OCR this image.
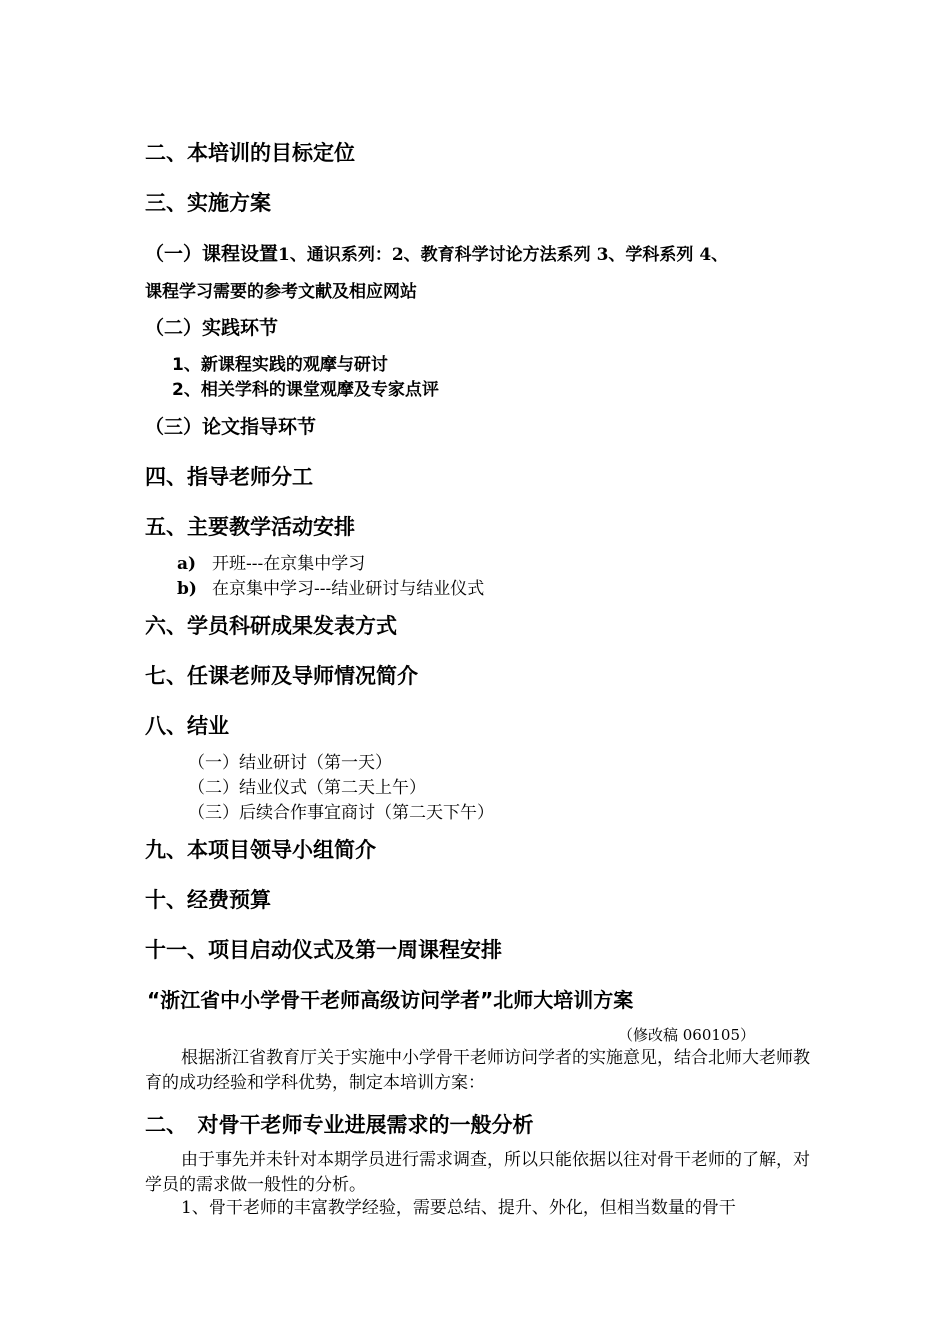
二、本培训的目标定位
三、实施方案
（一）课程设置1、通识系列：2、教育科学讨论方法系列 3、学科系列 4、
课程学习需要的参考文献及相应网站
（二）实践环节
1、新课程实践的观摩与研讨
2、相关学科的课堂观摩及专家点评
（三）论文指导环节
四、指导老师分工
五、主要教学活动安排
a) 开班---在京集中学习
b) 在京集中学习---结业研讨与结业仪式
六、学员科研成果发表方式
七、任课老师及导师情况简介
八、结业
（一）结业研讨（第一天）
（二）结业仪式（第二天上午）
（三）后续合作事宜商讨（第二天下午）
九、本项目领导小组简介
十、经费预算
十一、项目启动仪式及第一周课程安排
“浙江省中小学骨干老师高级访问学者”北师大培训方案
（修改稿 060105）
根据浙江省教育厅关于实施中小学骨干老师访问学者的实施意见，结合北师大老师教育的成功经验和学科优势，制定本培训方案：
二、　对骨干老师专业进展需求的一般分析
由于事先并未针对本期学员进行需求调查，所以只能依据以往对骨干老师的了解，对学员的需求做一般性的分析。
1、骨干老师的丰富教学经验，需要总结、提升、外化，但相当数量的骨干
